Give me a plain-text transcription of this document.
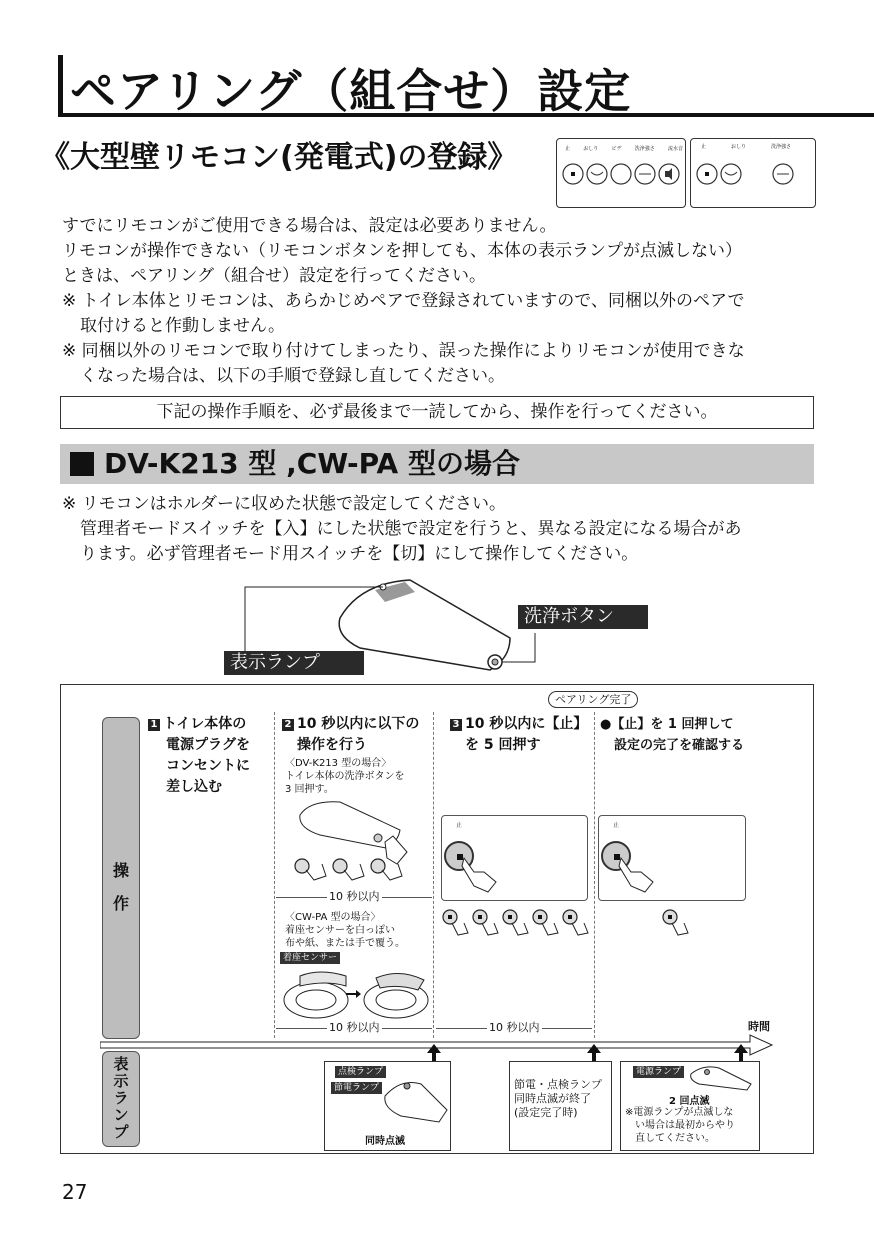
ペアリング（組合せ）設定
《大型壁リモコン(発電式)の登録》	止	おしり	ビデ	洗浄強さ	流水音	止	おしり	洗浄強さ
すでにリモコンがご使用できる場合は、設定は必要ありません。
リモコンが操作できない（リモコンボタンを押しても、本体の表示ランプが点滅しない）
ときは、ペアリング（組合せ）設定を行ってください。
※ トイレ本体とリモコンは、あらかじめペアで登録されていますので、同梱以外のペアで
取付けると作動しません。
※ 同梱以外のリモコンで取り付けてしまったり、誤った操作によりリモコンが使用できな
くなった場合は、以下の手順で登録し直してください。
下記の操作手順を、必ず最後まで一読してから、操作を行ってください。
DV-K213 型 ,CW-PA 型の場合
※ リモコンはホルダーに収めた状態で設定してください。
管理者モードスイッチを【入】にした状態で設定を行うと、異なる設定になる場合があ
ります。必ず管理者モード用スイッチを【切】にして操作してください。
洗浄ボタン
表示ランプ
操
作
表
示
ラ
ン
プ
ペアリング完了
1 トイレ本体の
電源プラグを
コンセントに
差し込む
2 10 秒以内に以下の
操作を行う
〈DV-K213 型の場合〉
トイレ本体の洗浄ボタンを
3 回押す。
10 秒以内
〈CW-PA 型の場合〉
着座センサーを白っぽい
布や紙、または手で覆う。
着座センサー
3 10 秒以内に【止】
を 5 回押す
止
●【止】を 1 回押して
設定の完了を確認する
止
10 秒以内	10 秒以内	時間
点検ランプ
節電ランプ
同時点滅
節電・点検ランプ
同時点滅が終了
(設定完了時)
電源ランプ
2 回点滅
※電源ランプが点滅しな
い場合は最初からやり
直してください。
27
